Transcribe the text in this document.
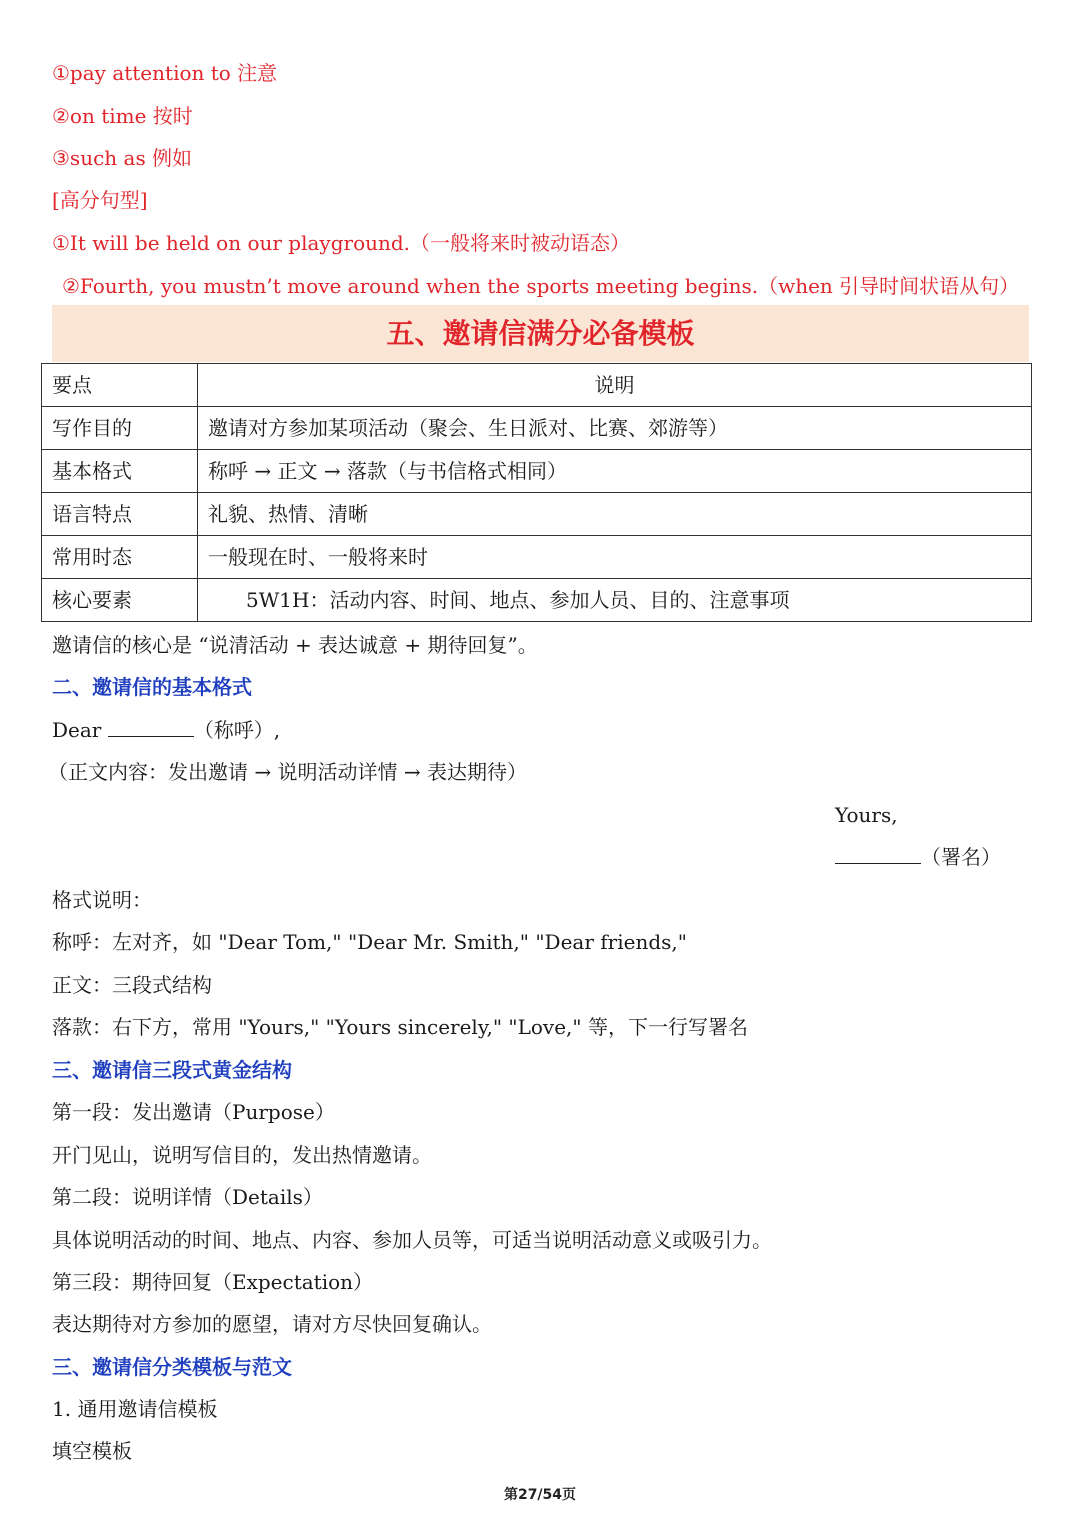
①pay attention to 注意
②on time 按时
③such as 例如
[高分句型]
①It will be held on our playground.（一般将来时被动语态）
②Fourth, you mustn’t move around when the sports meeting begins.（when 引导时间状语从句）
五、邀请信满分必备模板
要点	说明
写作目的	邀请对方参加某项活动（聚会、生日派对、比赛、郊游等）
基本格式	称呼 → 正文 → 落款（与书信格式相同）
语言特点	礼貌、热情、清晰
常用时态	一般现在时、一般将来时
核心要素	5W1H：活动内容、时间、地点、参加人员、目的、注意事项
邀请信的核心是 “说清活动 + 表达诚意 + 期待回复”。
二、邀请信的基本格式
Dear	（称呼）,
（正文内容：发出邀请 → 说明活动详情 → 表达期待）
Yours,
（署名）
格式说明：
称呼：左对齐，如 "Dear Tom," "Dear Mr. Smith," "Dear friends,"
正文：三段式结构
落款：右下方，常用 "Yours," "Yours sincerely," "Love," 等，下一行写署名
三、邀请信三段式黄金结构
第一段：发出邀请（Purpose）
开门见山，说明写信目的，发出热情邀请。
第二段：说明详情（Details）
具体说明活动的时间、地点、内容、参加人员等，可适当说明活动意义或吸引力。
第三段：期待回复（Expectation）
表达期待对方参加的愿望，请对方尽快回复确认。
三、邀请信分类模板与范文
1. 通用邀请信模板
填空模板
第27/54页
